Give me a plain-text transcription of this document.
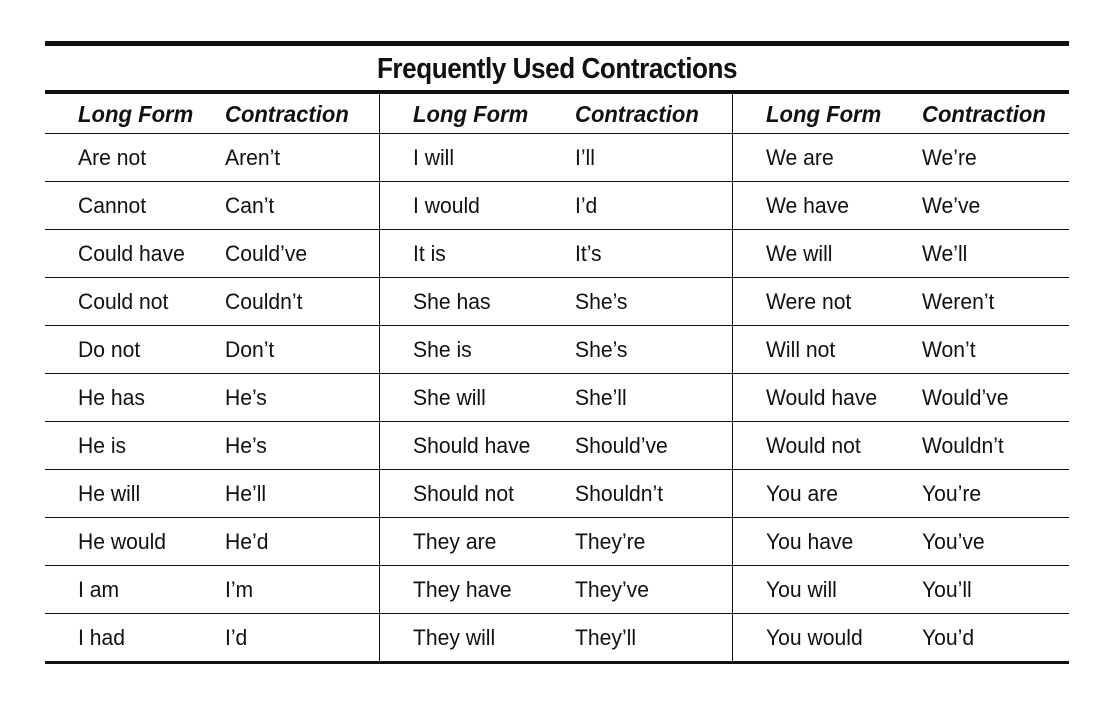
Frequently Used Contractions
Long Form	Contraction	Long Form	Contraction	Long Form	Contraction
Are not	Aren’t	I will	I’ll	We are	We’re
Cannot	Can’t	I would	I’d	We have	We’ve
Could have	Could’ve	It is	It’s	We will	We’ll
Could not	Couldn’t	She has	She’s	Were not	Weren’t
Do not	Don’t	She is	She’s	Will not	Won’t
He has	He’s	She will	She’ll	Would have	Would’ve
He is	He’s	Should have	Should’ve	Would not	Wouldn’t
He will	He’ll	Should not	Shouldn’t	You are	You’re
He would	He’d	They are	They’re	You have	You’ve
I am	I’m	They have	They’ve	You will	You’ll
I had	I’d	They will	They’ll	You would	You’d
